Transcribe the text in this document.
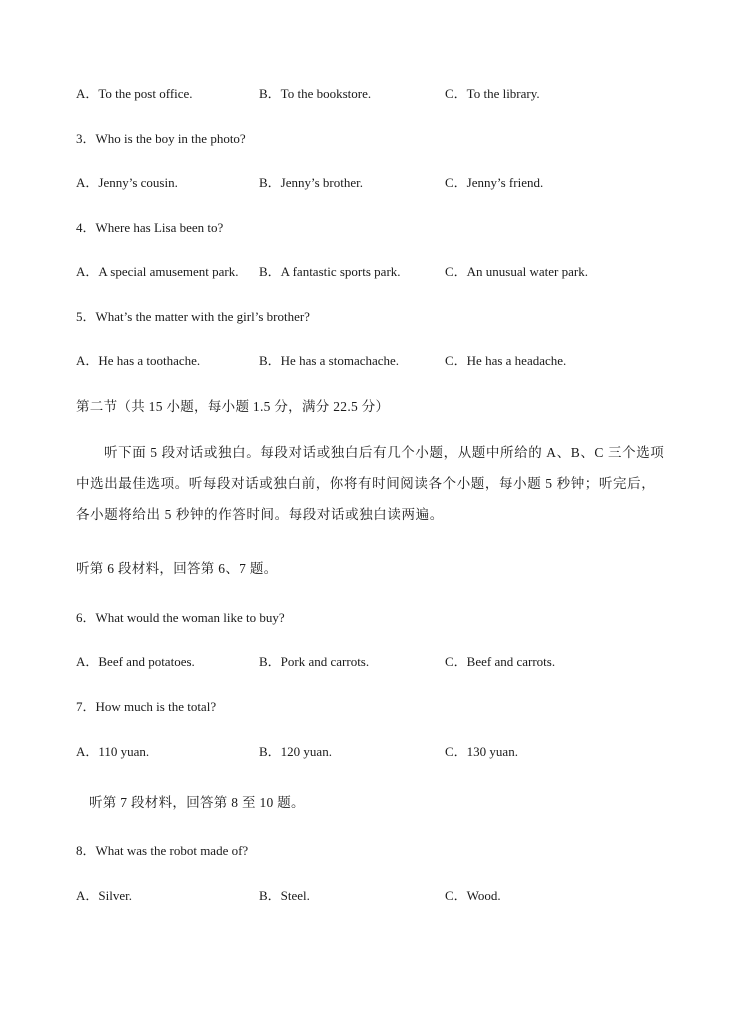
A．To the post office.	B．To the bookstore.	C．To the library.
3．Who is the boy in the photo?
A．Jenny’s cousin.	B．Jenny’s brother.	C．Jenny’s friend.
4．Where has Lisa been to?
A．A special amusement park. B．A fantastic sports park.	C．An unusual water park.
5．What’s the matter with the girl’s brother?
A．He has a toothache.	B．He has a stomachache.	C．He has a headache.
第二节（共 15 小题，每小题 1.5 分，满分 22.5 分）
听下面 5 段对话或独白。每段对话或独白后有几个小题，从题中所给的 A、B、C 三个选项中选出最佳选项。听每段对话或独白前，你将有时间阅读各个小题，每小题 5 秒钟；听完后，各小题将给出 5 秒钟的作答时间。每段对话或独白读两遍。
听第 6 段材料，回答第 6、7 题。
6．What would the woman like to buy?
A．Beef and potatoes.	B．Pork and carrots.	C．Beef and carrots.
7．How much is the total?
A．110 yuan.	B．120 yuan.	C．130 yuan.
听第 7 段材料，回答第 8 至 10 题。
8．What was the robot made of?
A．Silver.	B．Steel.	C．Wood.
